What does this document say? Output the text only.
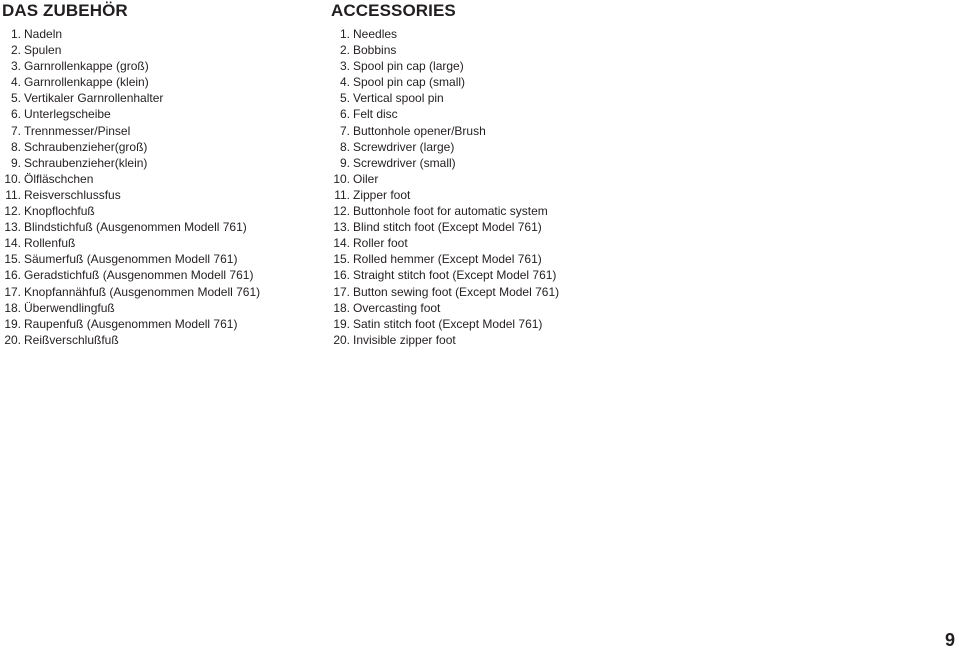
DAS ZUBEHÖR
1. Nadeln
2. Spulen
3. Garnrollenkappe (groß)
4. Garnrollenkappe (klein)
5. Vertikaler Garnrollenhalter
6. Unterlegscheibe
7. Trennmesser/Pinsel
8. Schraubenzieher(groß)
9. Schraubenzieher(klein)
10. Ölfläschchen
11. Reisverschlussfus
12. Knopflochfuß
13. Blindstichfuß (Ausgenommen Modell 761)
14. Rollenfuß
15. Säumerfuß (Ausgenommen Modell 761)
16. Geradstichfuß (Ausgenommen Modell 761)
17. Knopfannähfuß (Ausgenommen Modell 761)
18. Überwendlingfuß
19. Raupenfuß (Ausgenommen Modell 761)
20. Reißverschlußfuß
ACCESSORIES
1. Needles
2. Bobbins
3. Spool pin cap (large)
4. Spool pin cap (small)
5. Vertical spool pin
6. Felt disc
7. Buttonhole opener/Brush
8. Screwdriver (large)
9. Screwdriver (small)
10. Oiler
11. Zipper foot
12. Buttonhole foot for automatic system
13. Blind stitch foot (Except Model 761)
14. Roller foot
15. Rolled hemmer (Except Model 761)
16. Straight stitch foot (Except Model 761)
17. Button sewing foot (Except Model 761)
18. Overcasting foot
19. Satin stitch foot (Except Model 761)
20. Invisible zipper foot
9
